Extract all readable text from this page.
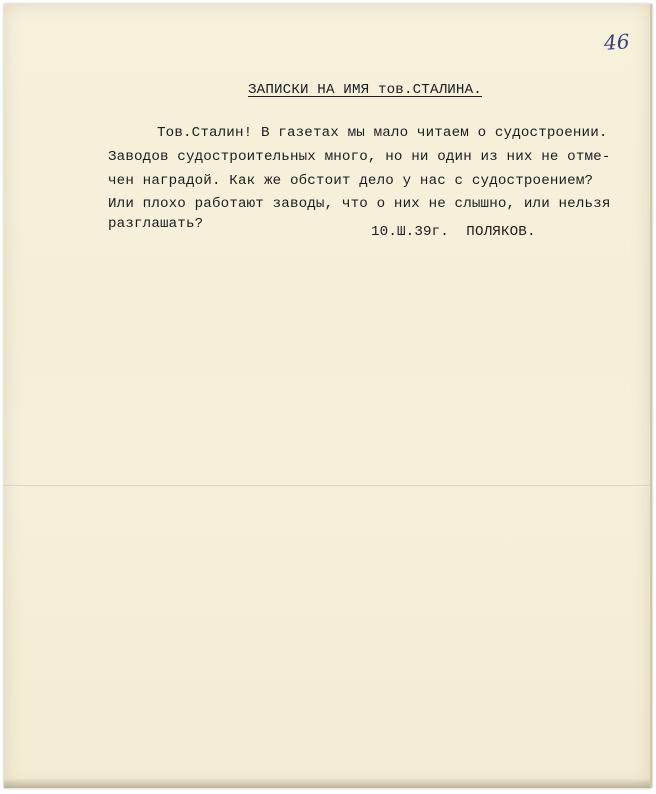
46
ЗАПИСКИ НА ИМЯ тов.СТАЛИНА.
Тов.Сталин! В газетах мы мало читаем о судостроении.
Заводов судостроительных много, но ни один из них не отме-
чен наградой. Как же обстоит дело у нас с судостроением?
Или плохо работают заводы, что о них не слышно, или нельзя
разглашать?	10.Ш.39г.  ПОЛЯКОВ.
